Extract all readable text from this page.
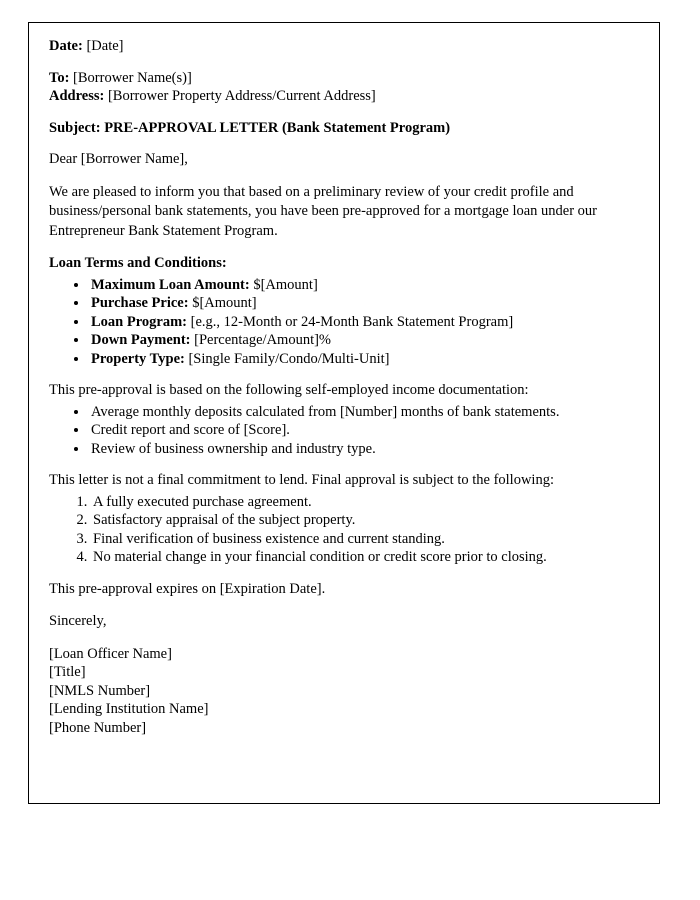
Date: [Date]
To: [Borrower Name(s)]
Address: [Borrower Property Address/Current Address]
Subject: PRE-APPROVAL LETTER (Bank Statement Program)

Dear [Borrower Name],

We are pleased to inform you that based on a preliminary review of your credit profile and business/personal bank statements, you have been pre-approved for a mortgage loan under our Entrepreneur Bank Statement Program.

Loan Terms and Conditions:

• Maximum Loan Amount: $[Amount]
• Purchase Price: $[Amount]
• Loan Program: [e.g., 12-Month or 24-Month Bank Statement Program]
• Down Payment: [Percentage/Amount]%
• Property Type: [Single Family/Condo/Multi-Unit]

This pre-approval is based on the following self-employed income documentation:

• Average monthly deposits calculated from [Number] months of bank statements.
• Credit report and score of [Score].
• Review of business ownership and industry type.

This letter is not a final commitment to lend. Final approval is subject to the following:

1. A fully executed purchase agreement.
2. Satisfactory appraisal of the subject property.
3. Final verification of business existence and current standing.
4. No material change in your financial condition or credit score prior to closing.

This pre-approval expires on [Expiration Date].

Sincerely,

[Loan Officer Name]
[Title]
[NMLS Number]
[Lending Institution Name]
[Phone Number]
